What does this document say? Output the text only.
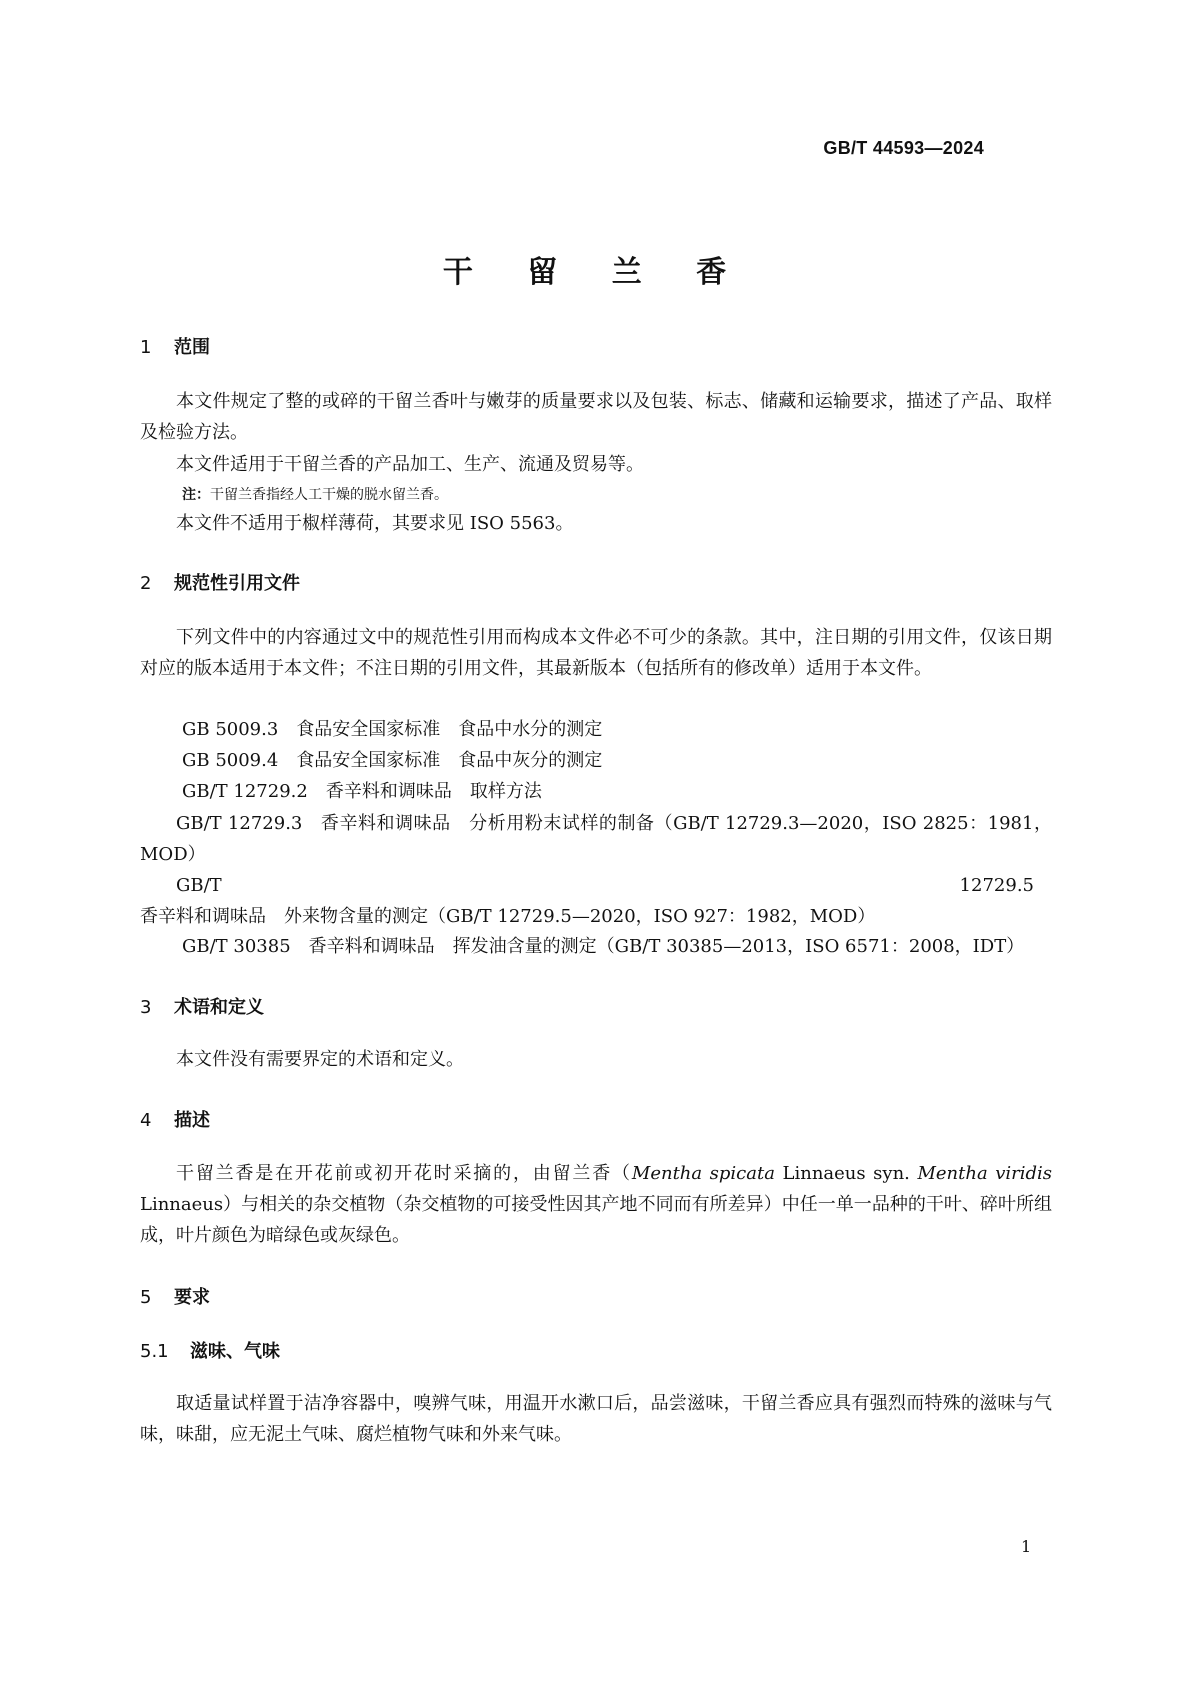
GB/T 44593—2024
干 留 兰 香
1 范围
本文件规定了整的或碎的干留兰香叶与嫩芽的质量要求以及包装、标志、储藏和运输要求，描述了产品、取样及检验方法。
本文件适用于干留兰香的产品加工、生产、流通及贸易等。
注：干留兰香指经人工干燥的脱水留兰香。
本文件不适用于椒样薄荷，其要求见 ISO 5563。
2 规范性引用文件
下列文件中的内容通过文中的规范性引用而构成本文件必不可少的条款。其中，注日期的引用文件，仅该日期对应的版本适用于本文件；不注日期的引用文件，其最新版本（包括所有的修改单）适用于本文件。
GB 5009.3 食品安全国家标准　食品中水分的测定
GB 5009.4 食品安全国家标准　食品中灰分的测定
GB/T 12729.2 香辛料和调味品　取样方法
GB/T 12729.3 香辛料和调味品　分析用粉末试样的制备（GB/T 12729.3—2020，ISO 2825：1981，MOD）
GB/T 12729.5香辛料和调味品　外来物含量的测定（GB/T 12729.5—2020，ISO 927：1982，MOD）
GB/T 30385 香辛料和调味品　挥发油含量的测定（GB/T 30385—2013，ISO 6571：2008，IDT）
3 术语和定义
本文件没有需要界定的术语和定义。
4 描述
干留兰香是在开花前或初开花时采摘的，由留兰香（Mentha spicata Linnaeus syn. Mentha viridis Linnaeus）与相关的杂交植物（杂交植物的可接受性因其产地不同而有所差异）中任一单一品种的干叶、碎叶所组成，叶片颜色为暗绿色或灰绿色。
5 要求
5.1 滋味、气味
取适量试样置于洁净容器中，嗅辨气味，用温开水漱口后，品尝滋味，干留兰香应具有强烈而特殊的滋味与气味，味甜，应无泥土气味、腐烂植物气味和外来气味。
1
